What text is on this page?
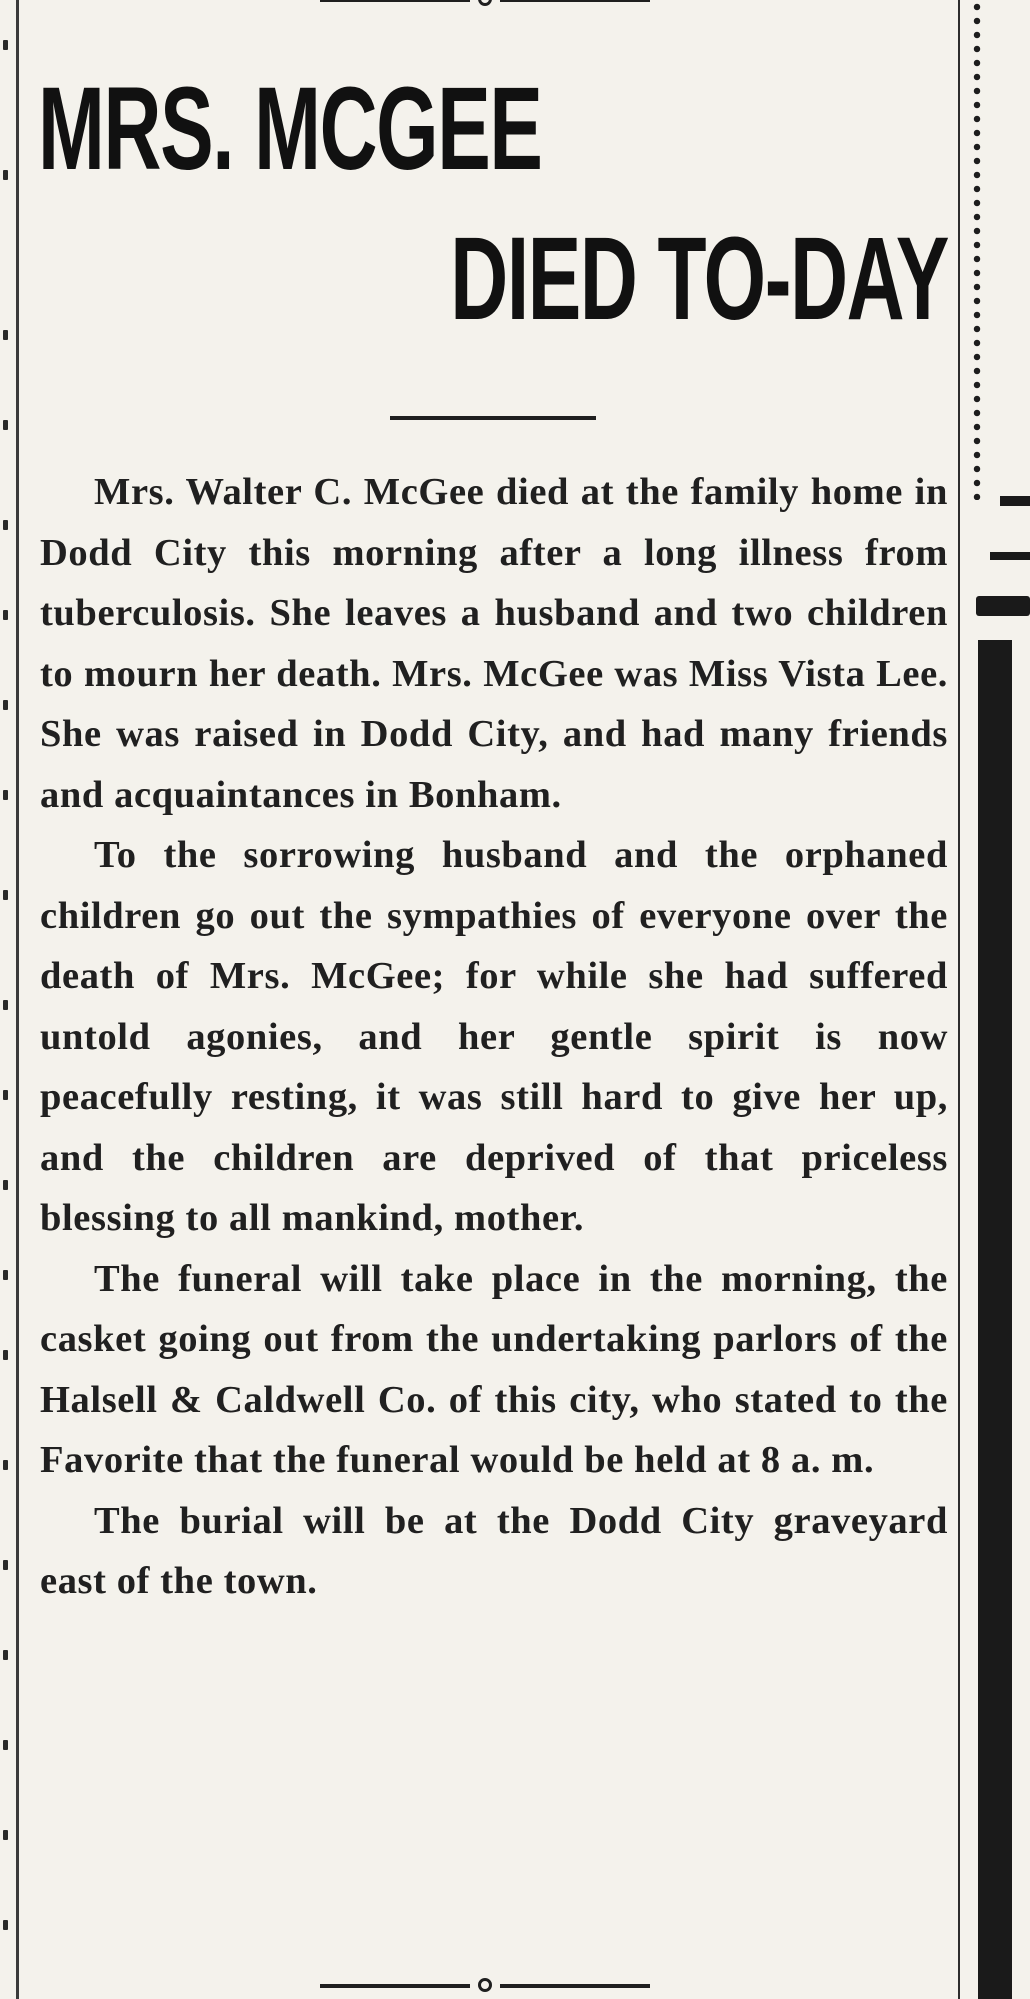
MRS. MCGEE
DIED TO-DAY

Mrs. Walter C. McGee died at the family home in Dodd City this morning after a long illness from tuberculosis. She leaves a husband and two children to mourn her death. Mrs. McGee was Miss Vista Lee. She was raised in Dodd City, and had many friends and acquaintances in Bonham.

To the sorrowing husband and the orphaned children go out the sympathies of everyone over the death of Mrs. McGee; for while she had suffered untold agonies, and her gentle spirit is now peacefully resting, it was still hard to give her up, and the children are deprived of that priceless blessing to all mankind, mother.

The funeral will take place in the morning, the casket going out from the undertaking parlors of the Halsell & Caldwell Co. of this city, who stated to the Favorite that the funeral would be held at 8 a. m.

The burial will be at the Dodd City graveyard east of the town.
